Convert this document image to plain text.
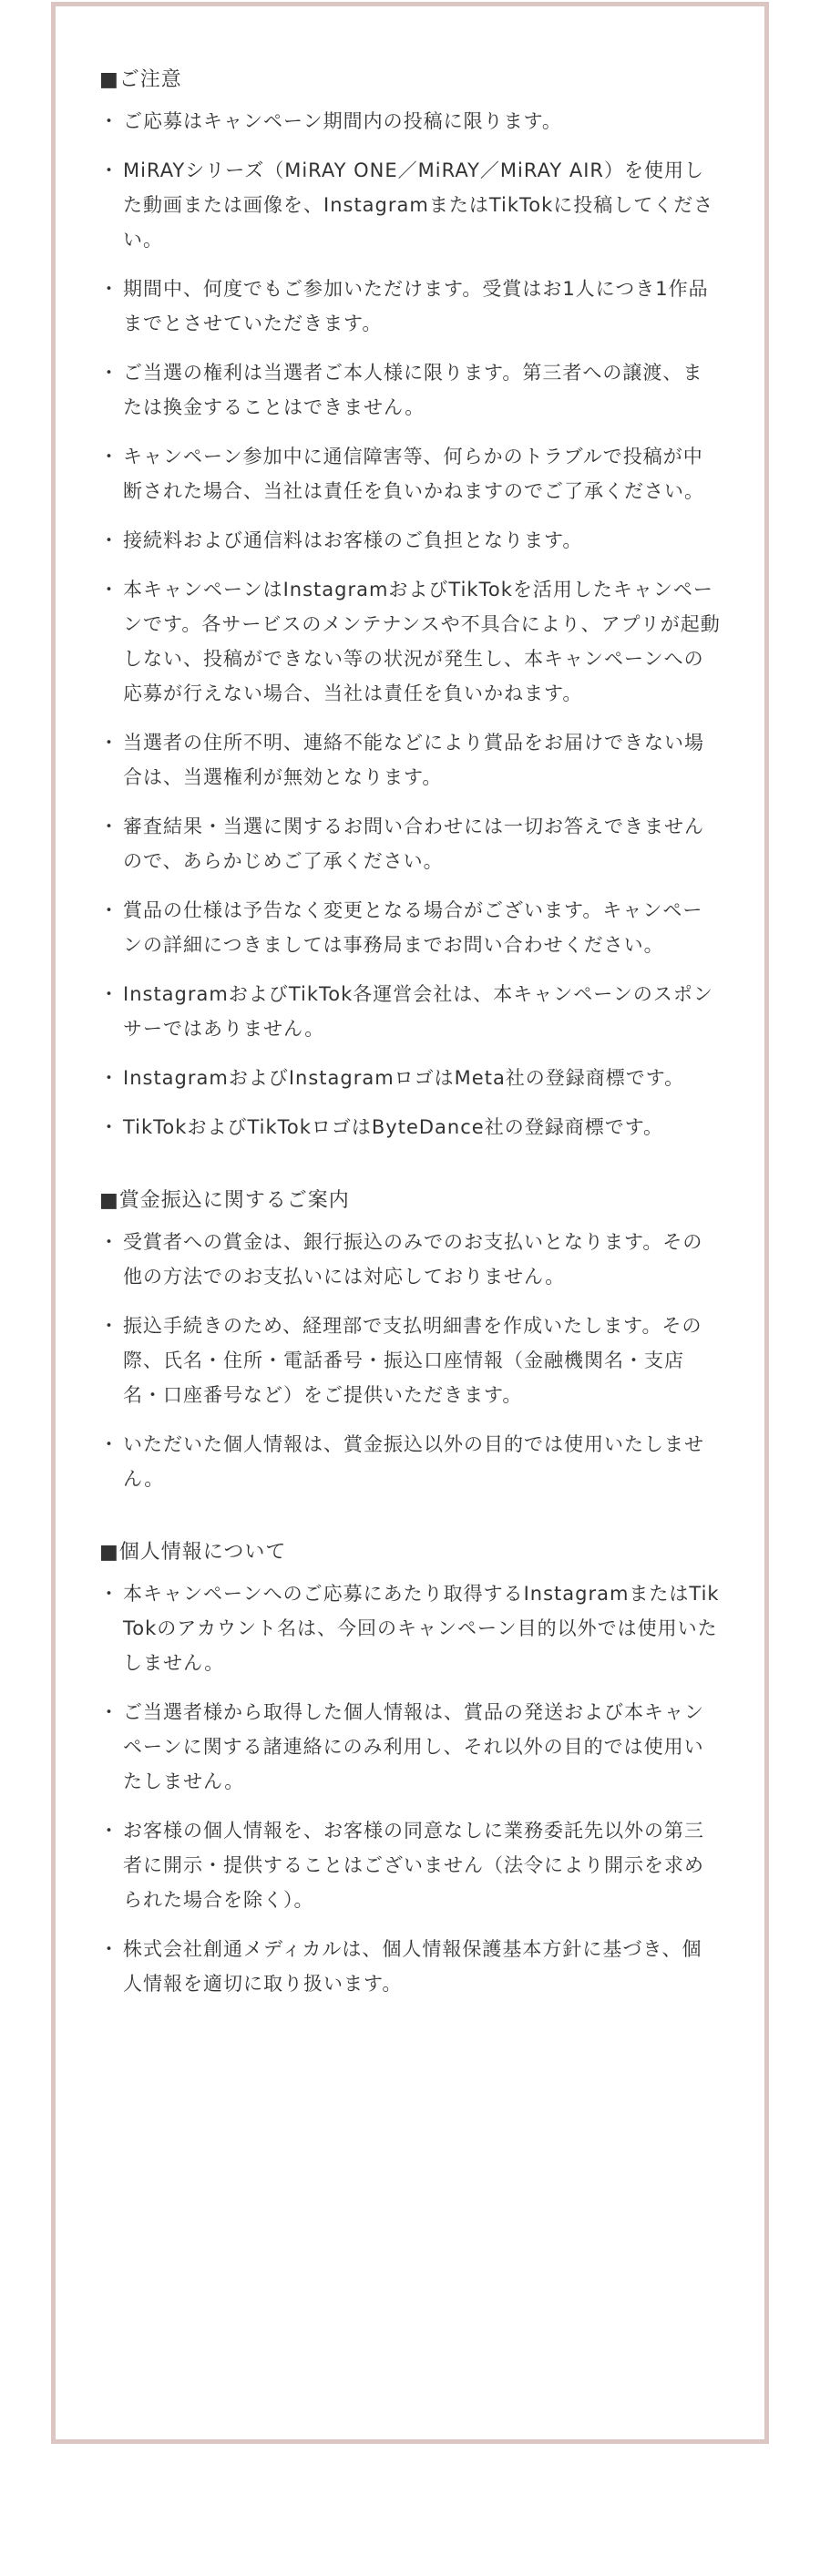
■ご注意
・ ご応募はキャンペーン期間内の投稿に限ります。
・ MiRAYシリーズ（MiRAY ONE／MiRAY／MiRAY AIR）を使用した動画または画像を、InstagramまたはTikTokに投稿してください。
・ 期間中、何度でもご参加いただけます。受賞はお1人につき1作品までとさせていただきます。
・ ご当選の権利は当選者ご本人様に限ります。第三者への譲渡、または換金することはできません。
・ キャンペーン参加中に通信障害等、何らかのトラブルで投稿が中断された場合、当社は責任を負いかねますのでご了承ください。
・ 接続料および通信料はお客様のご負担となります。
・ 本キャンペーンはInstagramおよびTikTokを活用したキャンペーンです。各サービスのメンテナンスや不具合により、アプリが起動しない、投稿ができない等の状況が発生し、本キャンペーンへの応募が行えない場合、当社は責任を負いかねます。
・ 当選者の住所不明、連絡不能などにより賞品をお届けできない場合は、当選権利が無効となります。
・ 審査結果・当選に関するお問い合わせには一切お答えできませんので、あらかじめご了承ください。
・ 賞品の仕様は予告なく変更となる場合がございます。キャンペーンの詳細につきましては事務局までお問い合わせください。
・ InstagramおよびTikTok各運営会社は、本キャンペーンのスポンサーではありません。
・ InstagramおよびInstagramロゴはMeta社の登録商標です。
・ TikTokおよびTikTokロゴはByteDance社の登録商標です。
■賞金振込に関するご案内
・ 受賞者への賞金は、銀行振込のみでのお支払いとなります。その他の方法でのお支払いには対応しておりません。
・ 振込手続きのため、経理部で支払明細書を作成いたします。その際、氏名・住所・電話番号・振込口座情報（金融機関名・支店名・口座番号など）をご提供いただきます。
・ いただいた個人情報は、賞金振込以外の目的では使用いたしません。
■個人情報について
・ 本キャンペーンへのご応募にあたり取得するInstagramまたはTikTokのアカウント名は、今回のキャンペーン目的以外では使用いたしません。
・ ご当選者様から取得した個人情報は、賞品の発送および本キャンペーンに関する諸連絡にのみ利用し、それ以外の目的では使用いたしません。
・ お客様の個人情報を、お客様の同意なしに業務委託先以外の第三者に開示・提供することはございません（法令により開示を求められた場合を除く）。
・ 株式会社創通メディカルは、個人情報保護基本方針に基づき、個人情報を適切に取り扱います。
